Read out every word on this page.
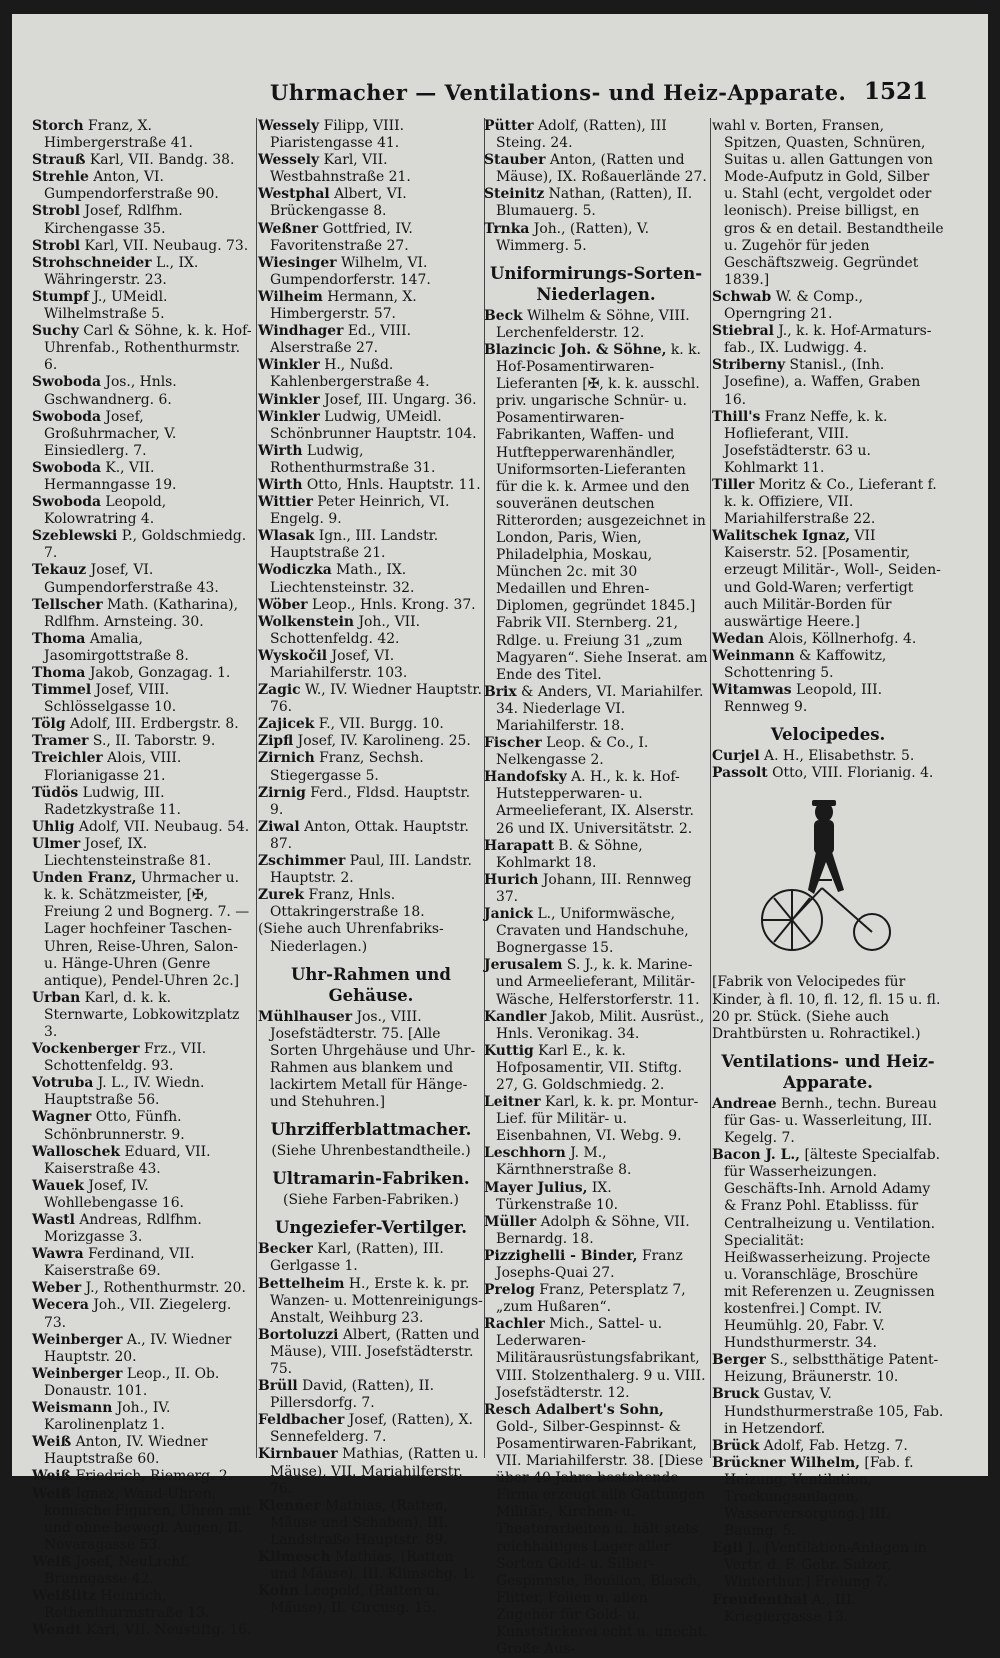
Uhrmacher — Ventilations- und Heiz-Apparate. 1521
Storch Franz, X. Himbergerstraße 41.
Strauß Karl, VII. Bandg. 38.
Strehle Anton, VI. Gumpendorferstraße 90.
Strobl Josef, Rdlfhm. Kirchengasse 35.
Strobl Karl, VII. Neubaug. 73.
Strohschneider L., IX. Währingerstr. 23.
Stumpf J., UMeidl. Wilhelmstraße 5.
Suchy Carl & Söhne, k. k. Hof-Uhrenfab., Rothenthurmstr. 6.
Swoboda Jos., Hnls. Gschwandnerg. 6.
Swoboda Josef, Großuhrmacher, V. Einsiedlerg. 7.
Swoboda K., VII. Hermanngasse 19.
Swoboda Leopold, Kolowratring 4.
Szeblewski P., Goldschmiedg. 7.
Tekauz Josef, VI. Gumpendorferstraße 43.
Tellscher Math. (Katharina), Rdlfhm. Arnsteing. 30.
Thoma Amalia, Jasomirgottstraße 8.
Thoma Jakob, Gonzagag. 1.
Timmel Josef, VIII. Schlösselgasse 10.
Tölg Adolf, III. Erdbergstr. 8.
Tramer S., II. Taborstr. 9.
Treichler Alois, VIII. Florianigasse 21.
Tüdös Ludwig, III. Radetzkystraße 11.
Uhlig Adolf, VII. Neubaug. 54.
Ulmer Josef, IX. Liechtensteinstraße 81.
Unden Franz, Uhrmacher u. k. k. Schätzmeister, [✠, Freiung 2 und Bognerg. 7. — Lager hochfeiner Taschen-Uhren, Reise-Uhren, Salon- u. Hänge-Uhren (Genre antique), Pendel-Uhren 2c.]
Urban Karl, d. k. k. Sternwarte, Lobkowitzplatz 3.
Vockenberger Frz., VII. Schottenfeldg. 93.
Votruba J. L., IV. Wiedn. Hauptstraße 56.
Wagner Otto, Fünfh. Schönbrunnerstr. 9.
Walloschek Eduard, VII. Kaiserstraße 43.
Wauek Josef, IV. Wohllebengasse 16.
Wastl Andreas, Rdlfhm. Morizgasse 3.
Wawra Ferdinand, VII. Kaiserstraße 69.
Weber J., Rothenthurmstr. 20.
Wecera Joh., VII. Ziegelerg. 73.
Weinberger A., IV. Wiedner Hauptstr. 20.
Weinberger Leop., II. Ob. Donaustr. 101.
Weismann Joh., IV. Karolinenplatz 1.
Weiß Anton, IV. Wiedner Hauptstraße 60.
Weiß Friedrich, Riemerg. 2.
Weiß Ignaz, Wand-Uhren, komische Figuren, Uhren mit und ohne bewegl. Augen, II. Novaragasse 53.
Weiß Josef, NeuLrchf. Brunngasse 42.
Weißlitz Heinrich, Rothenthurmstraße 13.
Wendt Karl, VII. Neustiftg. 16.
Wessely Filipp, VIII. Piaristengasse 41.
Wessely Karl, VII. Westbahnstraße 21.
Westphal Albert, VI. Brückengasse 8.
Weßner Gottfried, IV. Favoritenstraße 27.
Wiesinger Wilhelm, VI. Gumpendorferstr. 147.
Wilheim Hermann, X. Himbergerstr. 57.
Windhager Ed., VIII. Alserstraße 27.
Winkler H., Nußd. Kahlenbergerstraße 4.
Winkler Josef, III. Ungarg. 36.
Winkler Ludwig, UMeidl. Schönbrunner Hauptstr. 104.
Wirth Ludwig, Rothenthurmstraße 31.
Wirth Otto, Hnls. Hauptstr. 11.
Wittier Peter Heinrich, VI. Engelg. 9.
Wlasak Ign., III. Landstr. Hauptstraße 21.
Wodiczka Math., IX. Liechtensteinstr. 32.
Wöber Leop., Hnls. Krong. 37.
Wolkenstein Joh., VII. Schottenfeldg. 42.
Wyskočil Josef, VI. Mariahilferstr. 103.
Zagic W., IV. Wiedner Hauptstr. 76.
Zajicek F., VII. Burgg. 10.
Zipfl Josef, IV. Karolineng. 25.
Zirnich Franz, Sechsh. Stiegergasse 5.
Zirnig Ferd., Fldsd. Hauptstr. 9.
Ziwal Anton, Ottak. Hauptstr. 87.
Zschimmer Paul, III. Landstr. Hauptstr. 2.
Zurek Franz, Hnls. Ottakringerstraße 18.
(Siehe auch Uhrenfabriks-Niederlagen.)
Uhr-Rahmen und Gehäuse.
Mühlhauser Jos., VIII. Josefstädterstr. 75. [Alle Sorten Uhrgehäuse und Uhr-Rahmen aus blankem und lackirtem Metall für Hänge- und Stehuhren.]
Uhrzifferblattmacher.
(Siehe Uhrenbestandtheile.)
Ultramarin-Fabriken.
(Siehe Farben-Fabriken.)
Ungeziefer-Vertilger.
Becker Karl, (Ratten), III. Gerlgasse 1.
Bettelheim H., Erste k. k. pr. Wanzen- u. Mottenreinigungs-Anstalt, Weihburg 23.
Bortoluzzi Albert, (Ratten und Mäuse), VIII. Josefstädterstr. 75.
Brüll David, (Ratten), II. Pillersdorfg. 7.
Feldbacher Josef, (Ratten), X. Sennefelderg. 7.
Kirnbauer Mathias, (Ratten u. Mäuse), VII. Mariahilferstr. 76.
Klenner Mathias, (Ratten, Mäuse und Schaben), III. Landstraße Hauptstr. 89.
Klimesch Mathias, (Ratten und Mäuse), III. Klimschg. 1.
Kohn Leopold, (Ratten u. Mäuse), II. Circusg. 15.
Pütter Adolf, (Ratten), III Steing. 24.
Stauber Anton, (Ratten und Mäuse), IX. Roßauerlände 27.
Steinitz Nathan, (Ratten), II. Blumauerg. 5.
Trnka Joh., (Ratten), V. Wimmerg. 5.
Uniformirungs-Sorten-Niederlagen.
Beck Wilhelm & Söhne, VIII. Lerchenfelderstr. 12.
Blazincic Joh. & Söhne, k. k. Hof-Posamentirwaren-Lieferanten [✠, k. k. ausschl. priv. ungarische Schnür- u. Posamentirwaren-Fabrikanten, Waffen- und Hutftepperwarenhändler, Uniformsorten-Lieferanten für die k. k. Armee und den souveränen deutschen Ritterorden; ausgezeichnet in London, Paris, Wien, Philadelphia, Moskau, München 2c. mit 30 Medaillen und Ehren-Diplomen, gegründet 1845.] Fabrik VII. Sternberg. 21, Rdlge. u. Freiung 31 „zum Magyaren“. Siehe Inserat. am Ende des Titel.
Brix & Anders, VI. Mariahilfer. 34. Niederlage VI. Mariahilferstr. 18.
Fischer Leop. & Co., I. Nelkengasse 2.
Handofsky A. H., k. k. Hof-Hutstepperwaren- u. Armeelieferant, IX. Alserstr. 26 und IX. Universitätstr. 2.
Harapatt B. & Söhne, Kohlmarkt 18.
Hurich Johann, III. Rennweg 37.
Janick L., Uniformwäsche, Cravaten und Handschuhe, Bognergasse 15.
Jerusalem S. J., k. k. Marine- und Armeelieferant, Militär-Wäsche, Helferstorferstr. 11.
Kandler Jakob, Milit. Ausrüst., Hnls. Veronikag. 34.
Kuttig Karl E., k. k. Hofposamentir, VII. Stiftg. 27, G. Goldschmiedg. 2.
Leitner Karl, k. k. pr. Montur-Lief. für Militär- u. Eisenbahnen, VI. Webg. 9.
Leschhorn J. M., Kärnthnerstraße 8.
Mayer Julius, IX. Türkenstraße 10.
Müller Adolph & Söhne, VII. Bernardg. 18.
Pizzighelli - Binder, Franz Josephs-Quai 27.
Prelog Franz, Petersplatz 7, „zum Hußaren“.
Rachler Mich., Sattel- u. Lederwaren-Militärausrüstungsfabrikant, VIII. Stolzenthalerg. 9 u. VIII. Josefstädterstr. 12.
Resch Adalbert's Sohn, Gold-, Silber-Gespinnst- & Posamentirwaren-Fabrikant, VII. Mariahilferstr. 38. [Diese über 40 Jahre bestehende Firma erzeugt alle Gattungen Militär-, Kirchen- u. Theaterarbeiten u. hält stets reichhaltiges Lager aller Sorten Gold- u. Silber-Gespinnste, Bouillon, Blasch, Flitter, Folien u. allen Zugehör für Gold- u. Kunststickerei echt u. unecht. Große Aus-
wahl v. Borten, Fransen, Spitzen, Quasten, Schnüren, Suitas u. allen Gattungen von Mode-Aufputz in Gold, Silber u. Stahl (echt, vergoldet oder leonisch). Preise billigst, en gros & en detail. Bestandtheile u. Zugehör für jeden Geschäftszweig. Gegründet 1839.]
Schwab W. & Comp., Operngring 21.
Stiebral J., k. k. Hof-Armaturs-fab., IX. Ludwigg. 4.
Striberny Stanisl., (Inh. Josefine), a. Waffen, Graben 16.
Thill's Franz Neffe, k. k. Hoflieferant, VIII. Josefstädterstr. 63 u. Kohlmarkt 11.
Tiller Moritz & Co., Lieferant f. k. k. Offiziere, VII. Mariahilferstraße 22.
Walitschek Ignaz, VII Kaiserstr. 52. [Posamentir, erzeugt Militär-, Woll-, Seiden- und Gold-Waren; verfertigt auch Militär-Borden für auswärtige Heere.]
Wedan Alois, Köllnerhofg. 4.
Weinmann & Kaffowitz, Schottenring 5.
Witamwas Leopold, III. Rennweg 9.
Velocipedes.
Curjel A. H., Elisabethstr. 5.
Passolt Otto, VIII. Florianig. 4.
[Fabrik von Velocipedes für Kinder, à fl. 10, fl. 12, fl. 15 u. fl. 20 pr. Stück. (Siehe auch Drahtbürsten u. Rohractikel.)
Ventilations- und Heiz-Apparate.
Andreae Bernh., techn. Bureau für Gas- u. Wasserleitung, III. Kegelg. 7.
Bacon J. L., [älteste Specialfab. für Wasserheizungen. Geschäfts-Inh. Arnold Adamy & Franz Pohl. Etablisss. für Centralheizung u. Ventilation. Specialität: Heißwasserheizung. Projecte u. Voranschläge, Broschüre mit Referenzen u. Zeugnissen kostenfrei.] Compt. IV. Heumühlg. 20, Fabr. V. Hundsthurmerstr. 34.
Berger S., selbstthätige Patent-Heizung, Bräunerstr. 10.
Bruck Gustav, V. Hundsthurmerstraße 105, Fab. in Hetzendorf.
Brück Adolf, Fab. Hetzg. 7.
Brückner Wilhelm, [Fab. f. Heizung, Ventilation, Trockungsanlagen, Wasserversorgung.] III. Baumg. 5.
Egli J., [Ventilation-Anlagen in Vertr. d. F. Gebr. Sulzer, Winterthur.] Freiung 7.
Freudenthal A., III. Krieglergasse 13.
